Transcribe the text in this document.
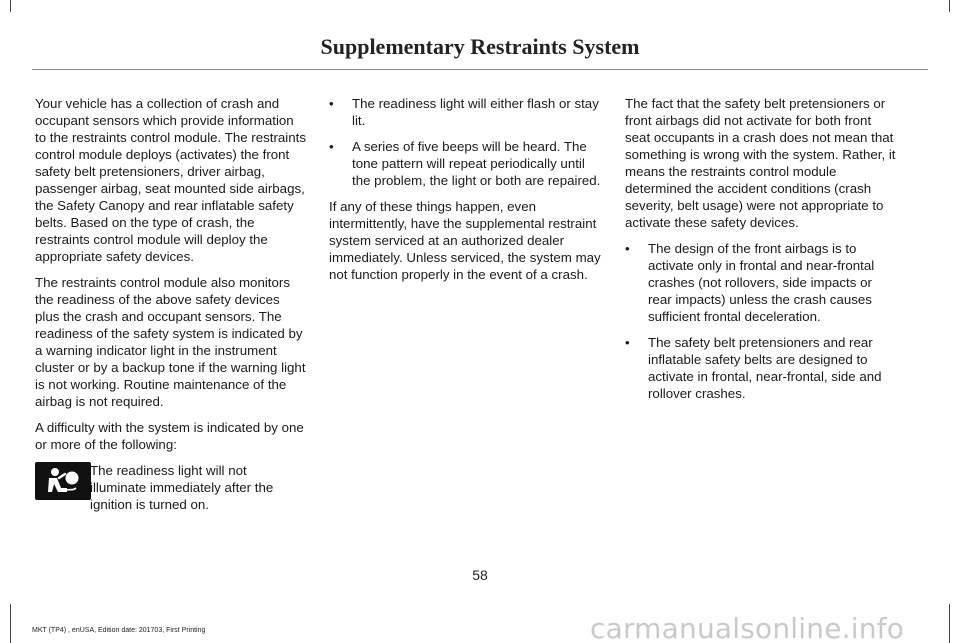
Supplementary Restraints System

Your vehicle has a collection of crash and occupant sensors which provide information to the restraints control module. The restraints control module deploys (activates) the front safety belt pretensioners, driver airbag, passenger airbag, seat mounted side airbags, the Safety Canopy and rear inflatable safety belts. Based on the type of crash, the restraints control module will deploy the appropriate safety devices.

The restraints control module also monitors the readiness of the above safety devices plus the crash and occupant sensors. The readiness of the safety system is indicated by a warning indicator light in the instrument cluster or by a backup tone if the warning light is not working. Routine maintenance of the airbag is not required.

A difficulty with the system is indicated by one or more of the following:

The readiness light will not illuminate immediately after the ignition is turned on.

• The readiness light will either flash or stay lit.
• A series of five beeps will be heard. The tone pattern will repeat periodically until the problem, the light or both are repaired.

If any of these things happen, even intermittently, have the supplemental restraint system serviced at an authorized dealer immediately. Unless serviced, the system may not function properly in the event of a crash.

The fact that the safety belt pretensioners or front airbags did not activate for both front seat occupants in a crash does not mean that something is wrong with the system. Rather, it means the restraints control module determined the accident conditions (crash severity, belt usage) were not appropriate to activate these safety devices.

• The design of the front airbags is to activate only in frontal and near-frontal crashes (not rollovers, side impacts or rear impacts) unless the crash causes sufficient frontal deceleration.
• The safety belt pretensioners and rear inflatable safety belts are designed to activate in frontal, near-frontal, side and rollover crashes.
58
MKT (TP4) , enUSA, Edition date: 201703, First Printing	carmanualsonline.info
